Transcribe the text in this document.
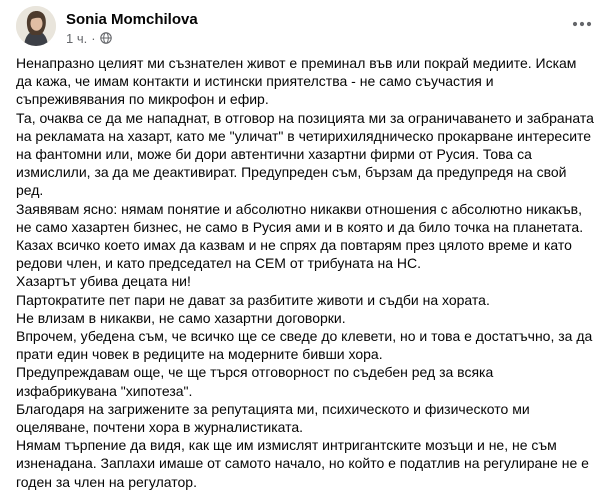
Sonia Momchilova
1 ч. ·

Ненапразно целият ми съзнателен живот е преминал във или покрай медиите. Искам да кажа, че имам контакти и истински приятелства - не само съучастия и съпреживявания по микрофон и ефир.

Та, очаква се да ме нападнат, в отговор на позицията ми за ограничаването и забраната на рекламата на хазарт, като ме "уличат" в четирихилядническо прокарване интересите на фантомни или, може би дори автентични хазартни фирми от Русия. Това са измислили, за да ме деактивират. Предупреден съм, бързам да предупредя на свой ред.

Заявявам ясно: нямам понятие и абсолютно никакви отношения с абсолютно никакъв, не само хазартен бизнес, не само в Русия ами и в която и да било точка на планетата.

Казах всичко което имах да казвам и не спрях да повтарям през цялото време и като редови член, и като председател на СЕМ от трибуната на НС.

Хазартът убива децата ни!

Партократите пет пари не дават за разбитите животи и съдби на хората.

Не влизам в никакви, не само хазартни договорки.

Впрочем, убедена съм, че всичко ще се сведе до клевети, но и това е достатъчно, за да прати един човек в редиците на модерните бивши хора.

Предупреждавам още, че ще търся отговорност по съдебен ред за всяка изфабрикувана "хипотеза".

Благодаря на загрижените за репутацията ми, психическото и физическото ми оцеляване, почтени хора в журналистиката.

Нямам търпение да видя, как ще им измислят интригантските мозъци и не, не съм изненадана. Заплахи имаше от самото начало, но който е податлив на регулиране не е годен за член на регулатор.
